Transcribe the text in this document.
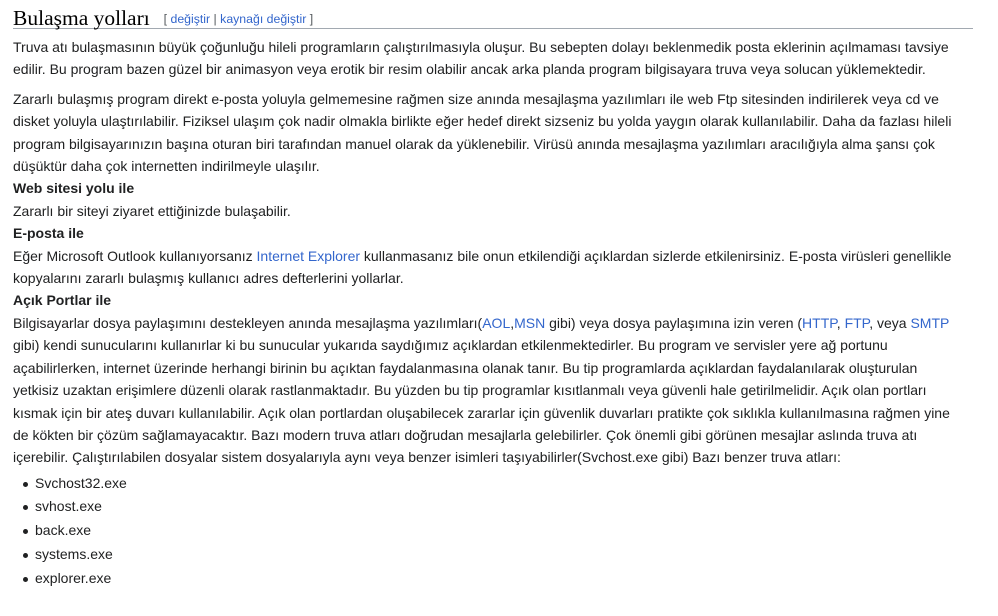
Bulaşma yolları [ değiştir | kaynağı değiştir ]

Truva atı bulaşmasının büyük çoğunluğu hileli programların çalıştırılmasıyla oluşur. Bu sebepten dolayı beklenmedik posta eklerinin açılmaması tavsiye edilir. Bu program bazen güzel bir animasyon veya erotik bir resim olabilir ancak arka planda program bilgisayara truva veya solucan yüklemektedir.

Zararlı bulaşmış program direkt e-posta yoluyla gelmemesine rağmen size anında mesajlaşma yazılımları ile web Ftp sitesinden indirilerek veya cd ve disket yoluyla ulaştırılabilir. Fiziksel ulaşım çok nadir olmakla birlikte eğer hedef direkt sizseniz bu yolda yaygın olarak kullanılabilir. Daha da fazlası hileli program bilgisayarınızın başına oturan biri tarafından manuel olarak da yüklenebilir. Virüsü anında mesajlaşma yazılımları aracılığıyla alma şansı çok düşüktür daha çok internetten indirilmeyle ulaşılır.

Web sitesi yolu ile

Zararlı bir siteyi ziyaret ettiğinizde bulaşabilir.

E-posta ile

Eğer Microsoft Outlook kullanıyorsanız Internet Explorer kullanmasanız bile onun etkilendiği açıklardan sizlerde etkilenirsiniz. E-posta virüsleri genellikle kopyalarını zararlı bulaşmış kullanıcı adres defterlerini yollarlar.

Açık Portlar ile

Bilgisayarlar dosya paylaşımını destekleyen anında mesajlaşma yazılımları(AOL,MSN gibi) veya dosya paylaşımına izin veren (HTTP, FTP, veya SMTP gibi) kendi sunucularını kullanırlar ki bu sunucular yukarıda saydığımız açıklardan etkilenmektedirler. Bu program ve servisler yere ağ portunu açabilirlerken, internet üzerinde herhangi birinin bu açıktan faydalanmasına olanak tanır. Bu tip programlarda açıklardan faydalanılarak oluşturulan yetkisiz uzaktan erişimlere düzenli olarak rastlanmaktadır. Bu yüzden bu tip programlar kısıtlanmalı veya güvenli hale getirilmelidir. Açık olan portları kısmak için bir ateş duvarı kullanılabilir. Açık olan portlardan oluşabilecek zararlar için güvenlik duvarları pratikte çok sıklıkla kullanılmasına rağmen yine de kökten bir çözüm sağlamayacaktır. Bazı modern truva atları doğrudan mesajlarla gelebilirler. Çok önemli gibi görünen mesajlar aslında truva atı içerebilir. Çalıştırılabilen dosyalar sistem dosyalarıyla aynı veya benzer isimleri taşıyabilirler(Svchost.exe gibi) Bazı benzer truva atları:

Svchost32.exe
svhost.exe
back.exe
systems.exe
explorer.exe
